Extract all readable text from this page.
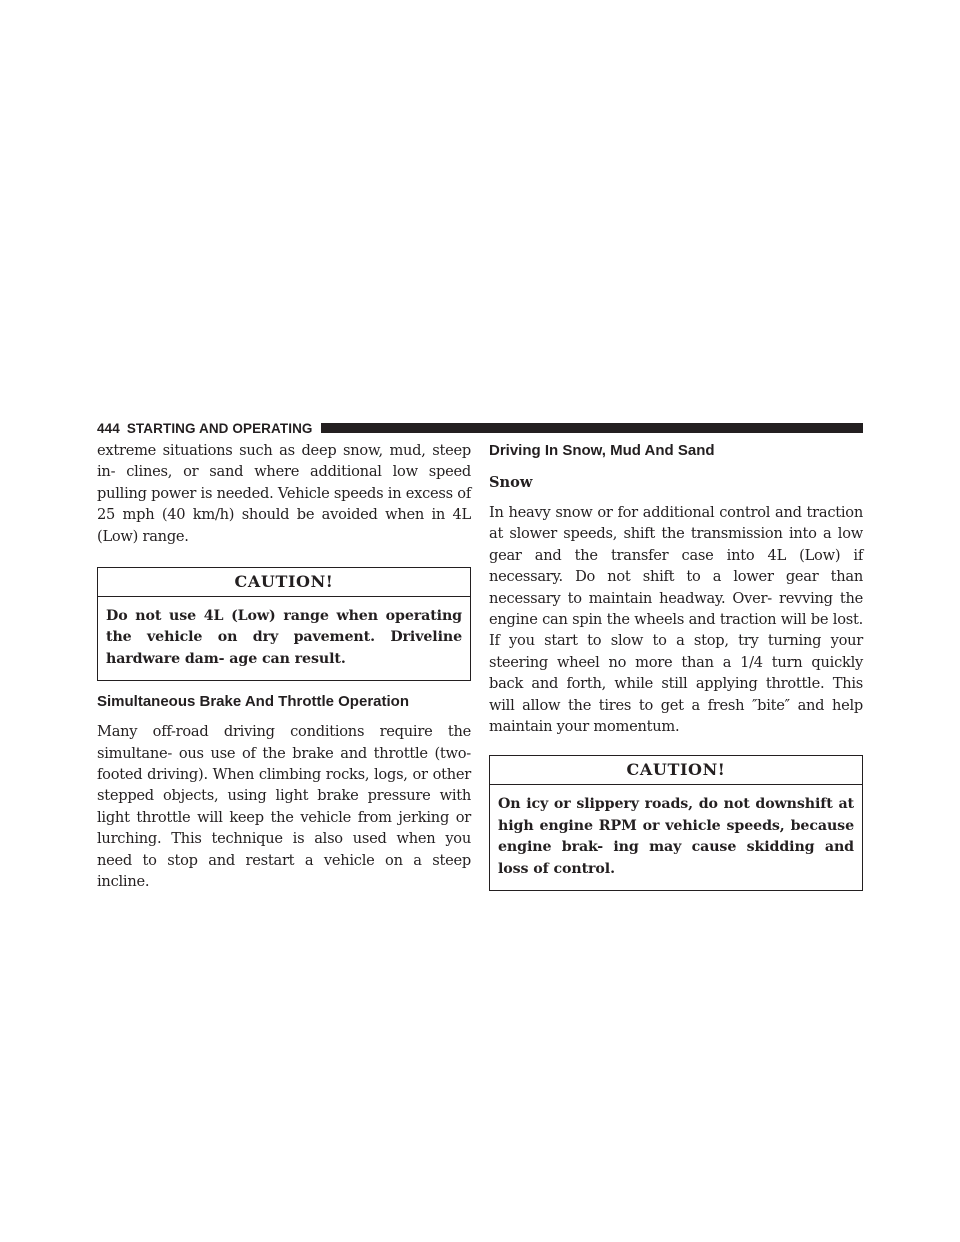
444 STARTING AND OPERATING

extreme situations such as deep snow, mud, steep in- clines, or sand where additional low speed pulling power is needed. Vehicle speeds in excess of 25 mph (40 km/h) should be avoided when in 4L (Low) range.

CAUTION!
Do not use 4L (Low) range when operating the vehicle on dry pavement. Driveline hardware dam- age can result.
Simultaneous Brake And Throttle Operation

Many off-road driving conditions require the simultane- ous use of the brake and throttle (two-footed driving). When climbing rocks, logs, or other stepped objects, using light brake pressure with light throttle will keep the vehicle from jerking or lurching. This technique is also used when you need to stop and restart a vehicle on a steep incline.

Driving In Snow, Mud And Sand
Snow

In heavy snow or for additional control and traction at slower speeds, shift the transmission into a low gear and the transfer case into 4L (Low) if necessary. Do not shift to a lower gear than necessary to maintain headway. Over- revving the engine can spin the wheels and traction will be lost. If you start to slow to a stop, try turning your steering wheel no more than a 1/4 turn quickly back and forth, while still applying throttle. This will allow the tires to get a fresh ″bite″ and help maintain your momentum.

CAUTION!
On icy or slippery roads, do not downshift at high engine RPM or vehicle speeds, because engine brak- ing may cause skidding and loss of control.
